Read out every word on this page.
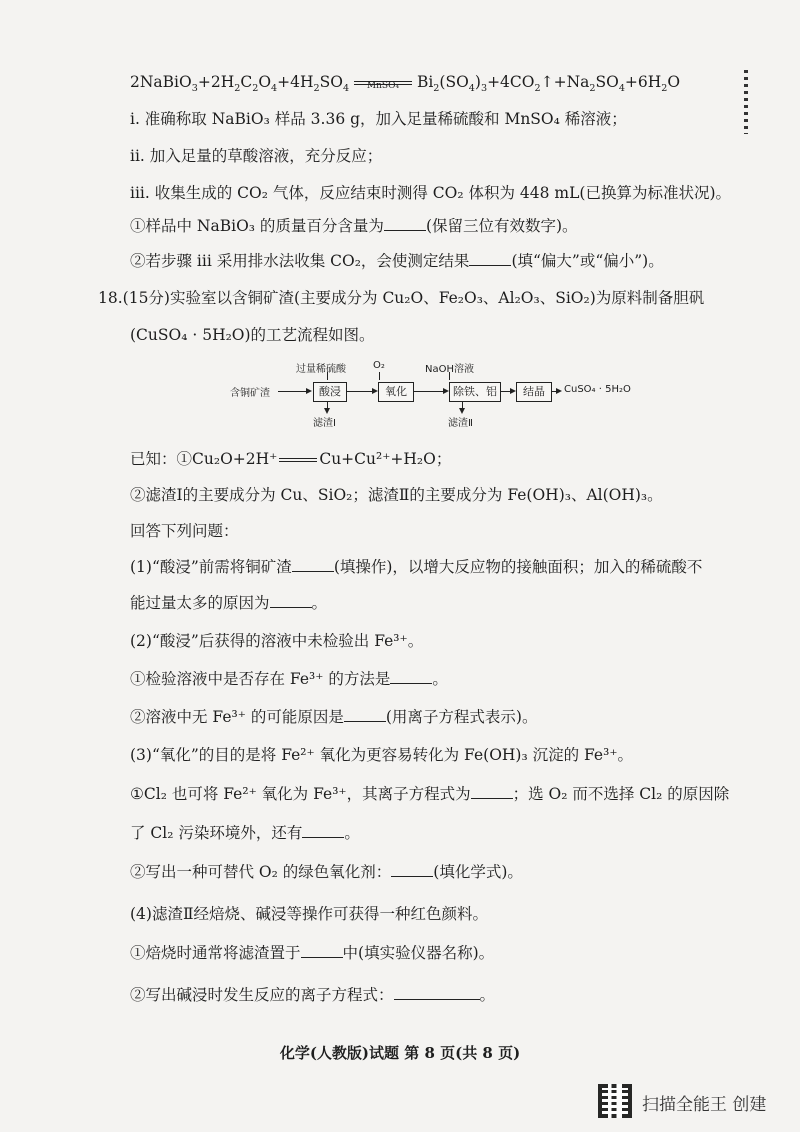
$2NaBiO_3+2H_2C_2O_4+4H_2SO_4$	MnSO₄	$Bi_2(SO_4)_3+4CO_2↑+Na_2SO_4+6H_2O$
i. 准确称取 NaBiO₃ 样品 3.36 g，加入足量稀硫酸和 MnSO₄ 稀溶液；
ii. 加入足量的草酸溶液，充分反应；
iii. 收集生成的 CO₂ 气体，反应结束时测得 CO₂ 体积为 448 mL(已换算为标准状况)。
①样品中 NaBiO₃ 的质量百分含量为	(保留三位有效数字)。
②若步骤 iii 采用排水法收集 CO₂，会使测定结果	(填“偏大”或“偏小”)。
18.(15分)实验室以含铜矿渣(主要成分为 Cu₂O、Fe₂O₃、Al₂O₃、SiO₂)为原料制备胆矾
(CuSO₄ · 5H₂O)的工艺流程如图。
含铜矿渣
过量稀硫酸
酸浸
滤渣Ⅰ
O₂
氧化
NaOH溶液
除铁、铝
滤渣Ⅱ
结晶	CuSO₄ · 5H₂O
已知：①Cu₂O+2H⁺	Cu+Cu²⁺+H₂O；
②滤渣Ⅰ的主要成分为 Cu、SiO₂；滤渣Ⅱ的主要成分为 Fe(OH)₃、Al(OH)₃。
回答下列问题：
(1)“酸浸”前需将铜矿渣	(填操作)，以增大反应物的接触面积；加入的稀硫酸不
能过量太多的原因为	。
(2)“酸浸”后获得的溶液中未检验出 Fe³⁺。
①检验溶液中是否存在 Fe³⁺ 的方法是	。
②溶液中无 Fe³⁺ 的可能原因是	(用离子方程式表示)。
(3)“氧化”的目的是将 Fe²⁺ 氧化为更容易转化为 Fe(OH)₃ 沉淀的 Fe³⁺。
①Cl₂ 也可将 Fe²⁺ 氧化为 Fe³⁺，其离子方程式为	；选 O₂ 而不选择 Cl₂ 的原因除
了 Cl₂ 污染环境外，还有	。
②写出一种可替代 O₂ 的绿色氧化剂：	(填化学式)。
(4)滤渣Ⅱ经焙烧、碱浸等操作可获得一种红色颜料。
①焙烧时通常将滤渣置于	中(填实验仪器名称)。
②写出碱浸时发生反应的离子方程式：	。
化学(人教版)试题 第 8 页(共 8 页)
扫描全能王 创建
